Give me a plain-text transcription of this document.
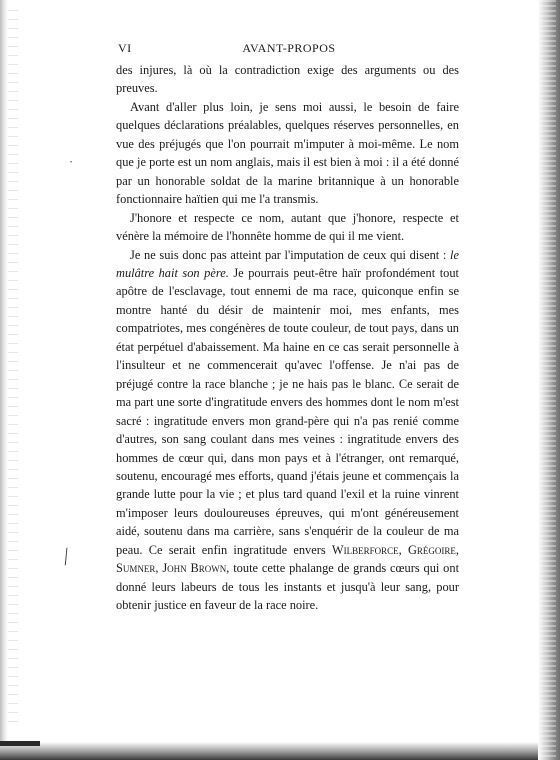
⟋
•
VI	AVANT-PROPOS

des injures, là où la contradiction exige des arguments ou des preuves.

Avant d'aller plus loin, je sens moi aussi, le besoin de faire quelques déclarations préalables, quelques réserves personnelles, en vue des préjugés que l'on pourrait m'imputer à moi-même. Le nom que je porte est un nom anglais, mais il est bien à moi : il a été donné par un honorable soldat de la marine britannique à un honorable fonctionnaire haïtien qui me l'a transmis.

J'honore et respecte ce nom, autant que j'honore, respecte et vénère la mémoire de l'honnête homme de qui il me vient.

Je ne suis donc pas atteint par l'imputation de ceux qui disent : le mulâtre hait son père. Je pourrais peut-être haïr profondément tout apôtre de l'esclavage, tout ennemi de ma race, quiconque enfin se montre hanté du désir de maintenir moi, mes enfants, mes compatriotes, mes congénères de toute couleur, de tout pays, dans un état perpétuel d'abaissement. Ma haine en ce cas serait personnelle à l'insulteur et ne commencerait qu'avec l'offense. Je n'ai pas de préjugé contre la race blanche ; je ne hais pas le blanc. Ce serait de ma part une sorte d'ingratitude envers des hommes dont le nom m'est sacré : ingratitude envers mon grand-père qui n'a pas renié comme d'autres, son sang coulant dans mes veines : ingratitude envers des hommes de cœur qui, dans mon pays et à l'étranger, ont remarqué, soutenu, encouragé mes efforts, quand j'étais jeune et commençais la grande lutte pour la vie ; et plus tard quand l'exil et la ruine vinrent m'imposer leurs douloureuses épreuves, qui m'ont généreusement aidé, soutenu dans ma carrière, sans s'enquérir de la couleur de ma peau. Ce serait enfin ingratitude envers Wilberforce, Grégoire, Sumner, John Brown, toute cette phalange de grands cœurs qui ont donné leurs labeurs de tous les instants et jusqu'à leur sang, pour obtenir justice en faveur de la race noire.
